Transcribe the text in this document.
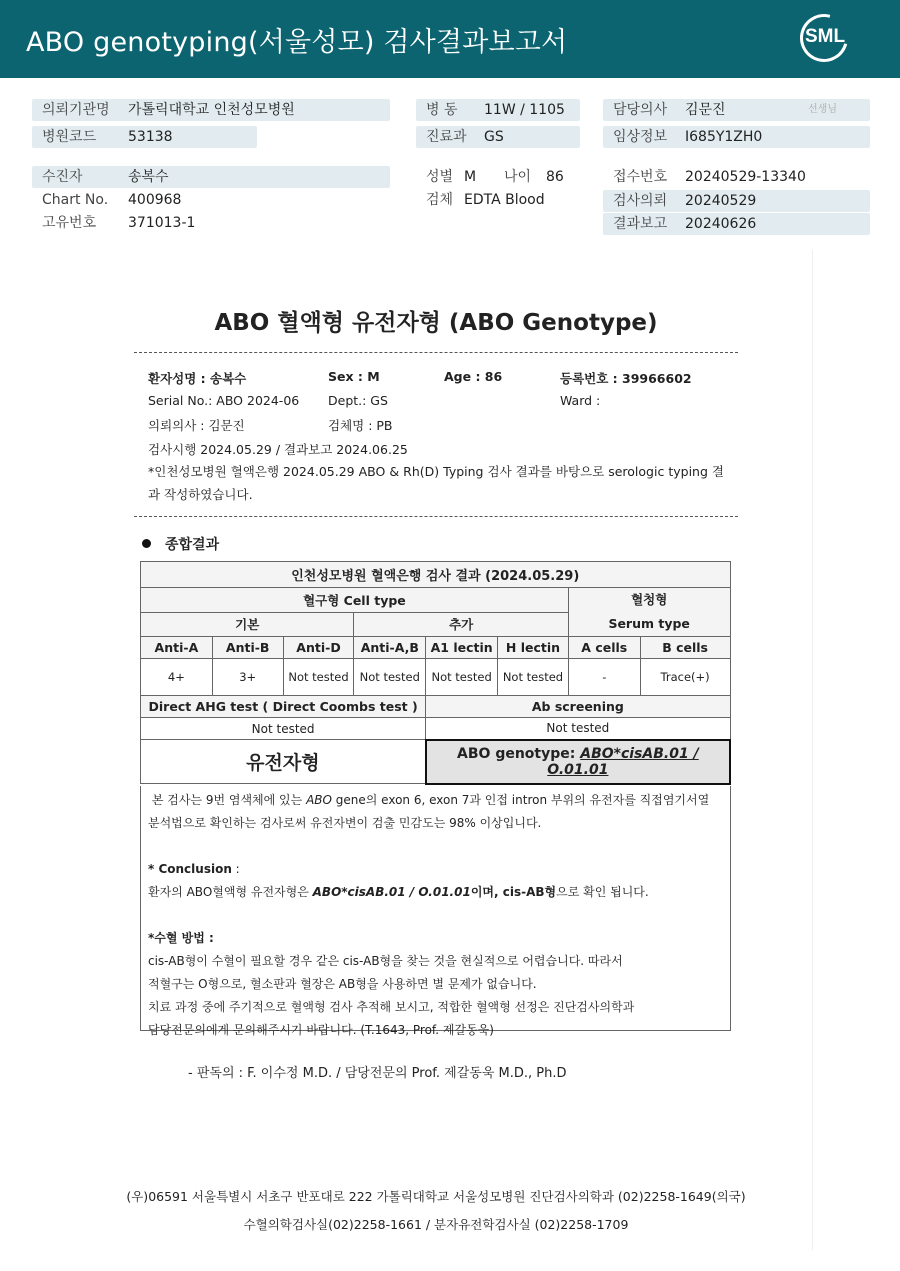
ABO genotyping(서울성모) 검사결과보고서	SML
의뢰기관명 가톨릭대학교 인천성모병원
병원코드 53138
수진자	송복수
Chart No. 400968
고유번호 371013-1
병 동 11W / 1105
진료과 GS
성별 M 나이 86
검체 EDTA Blood
담당의사 김문진	선생님
임상정보 I685Y1ZH0
접수번호 20240529-13340
검사의뢰 20240529
결과보고 20240626
ABO 혈액형 유전자형 (ABO Genotype)
환자성명 : 송복수	Sex : M	Age : 86	등록번호 : 39966602
Serial No.: ABO 2024-06 Dept.: GS	Ward :
의뢰의사 : 김문진	검체명 : PB
검사시행 2024.05.29 / 결과보고 2024.06.25
*인천성모병원 혈액은행 2024.05.29 ABO & Rh(D) Typing 검사 결과를 바탕으로 serologic typing 결과 작성하였습니다.
종합결과
인천성모병원 혈액은행 검사 결과 (2024.05.29)							
혈구형 Cell type						혈청형
Serum type	

기본			추가				
Anti-A	Anti-B	Anti-D	Anti-A,B	A1 lectin	H lectin	A cells	B cells
4+	3+	Not tested	Not tested	Not tested	Not tested	-	Trace(+)
Direct AHG test ( Direct Coombs test )				Ab screening			
Not tested				Not tested			
유전자형				ABO genotype: ABO*cisAB.01 / O.01.01			

본 검사는 9번 염색체에 있는 ABO gene의 exon 6, exon 7과 인접 intron 부위의 유전자를 직접염기서열 분석법으로 확인하는 검사로써 유전자변이 검출 민감도는 98% 이상입니다.

* Conclusion :

환자의 ABO혈액형 유전자형은 ABO*cisAB.01 / O.01.01이며, cis-AB형으로 확인 됩니다.

*수혈 방법 :

cis-AB형이 수혈이 필요할 경우 같은 cis-AB형을 찾는 것을 현실적으로 어렵습니다. 따라서

적혈구는 O형으로, 혈소판과 혈장은 AB형을 사용하면 별 문제가 없습니다.

치료 과정 중에 주기적으로 혈액형 검사 추적해 보시고, 적합한 혈액형 선정은 진단검사의학과

담당전문의에게 문의해주시기 바랍니다. (T.1643, Prof. 제갈동욱)

- 판독의 : F. 이수정 M.D. / 담당전문의 Prof. 제갈동욱 M.D., Ph.D
(우)06591 서울특별시 서초구 반포대로 222 가톨릭대학교 서울성모병원 진단검사의학과 (02)2258-1649(의국)
수혈의학검사실(02)2258-1661 / 분자유전학검사실 (02)2258-1709
